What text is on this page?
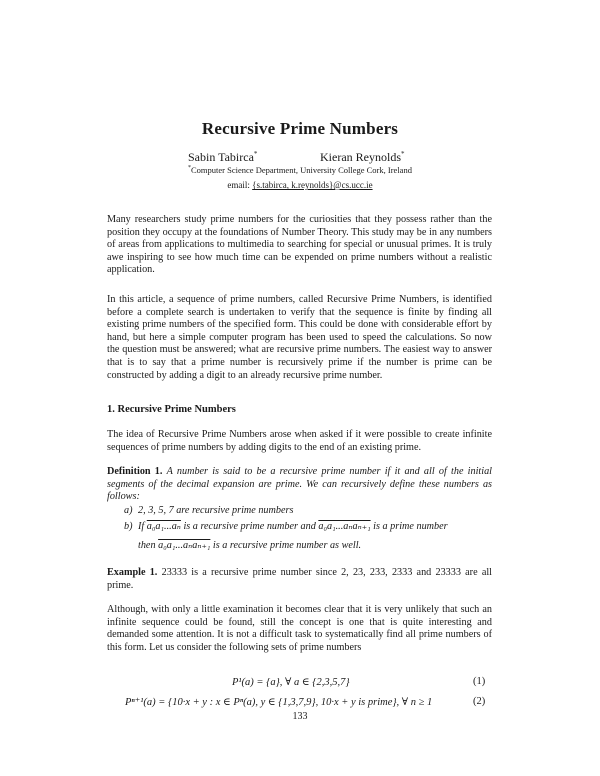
Recursive Prime Numbers
Sabin Tabirca*	Kieran Reynolds*
*Computer Science Department, University College Cork, Ireland
email: {s.tabirca, k.reynolds}@cs.ucc.ie

Many researchers study prime numbers for the curiosities that they possess rather than the position they occupy at the foundations of Number Theory. This study may be in any numbers of areas from applications to multimedia to searching for special or unusual primes. It is truly awe inspiring to see how much time can be expended on prime numbers without a realistic application.

In this article, a sequence of prime numbers, called Recursive Prime Numbers, is identified before a complete search is undertaken to verify that the sequence is finite by finding all existing prime numbers of the specified form. This could be done with considerable effort by hand, but here a simple computer program has been used to speed the calculations. So now the question must be answered; what are recursive prime numbers. The easiest way to answer that is to say that a prime number is recursively prime if the number is prime can be constructed by adding a digit to an already recursive prime number.

1. Recursive Prime Numbers

The idea of Recursive Prime Numbers arose when asked if it were possible to create infinite sequences of prime numbers by adding digits to the end of an existing prime.

Definition 1. A number is said to be a recursive prime number if it and all of the initial segments of the decimal expansion are prime. We can recursively define these numbers as follows:

a) 2, 3, 5, 7 are recursive prime numbers
b) If a₀a₁...aₙ is a recursive prime number and a₀a₁...aₙaₙ₊₁ is a prime number
then a₀a₁...aₙaₙ₊₁ is a recursive prime number as well.

Example 1. 23333 is a recursive prime number since 2, 23, 233, 2333 and 23333 are all prime.

Although, with only a little examination it becomes clear that it is very unlikely that such an infinite sequence could be found, still the concept is one that is quite interesting and demanded some attention. It is not a difficult task to systematically find all prime numbers of this form. Let us consider the following sets of prime numbers

P¹(a) = {a}, ∀ a ∈ {2,3,5,7}	(1)
Pⁿ⁺¹(a) = {10·x + y : x ∈ Pⁿ(a), y ∈ {1,3,7,9}, 10·x + y is prime}, ∀ n ≥ 1	(2)
133
